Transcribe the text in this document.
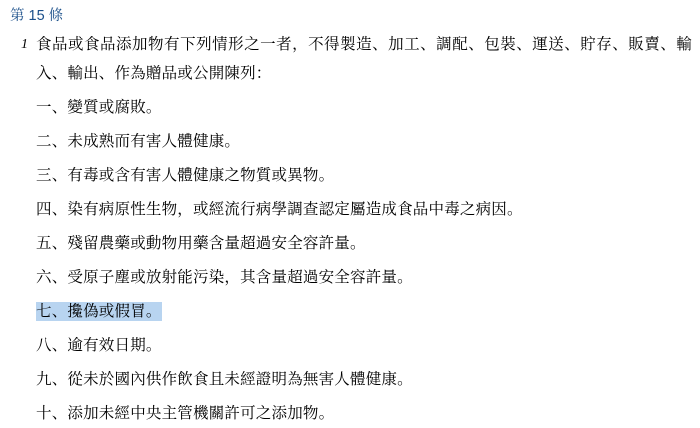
第 15 條
1 食品或食品添加物有下列情形之一者，不得製造、加工、調配、包裝、運送、貯存、販賣、輸入、輸出、作為贈品或公開陳列：

一、變質或腐敗。

二、未成熟而有害人體健康。

三、有毒或含有害人體健康之物質或異物。

四、染有病原性生物，或經流行病學調查認定屬造成食品中毒之病因。

五、殘留農藥或動物用藥含量超過安全容許量。

六、受原子塵或放射能污染，其含量超過安全容許量。

七、攙偽或假冒。

八、逾有效日期。

九、從未於國內供作飲食且未經證明為無害人體健康。

十、添加未經中央主管機關許可之添加物。
